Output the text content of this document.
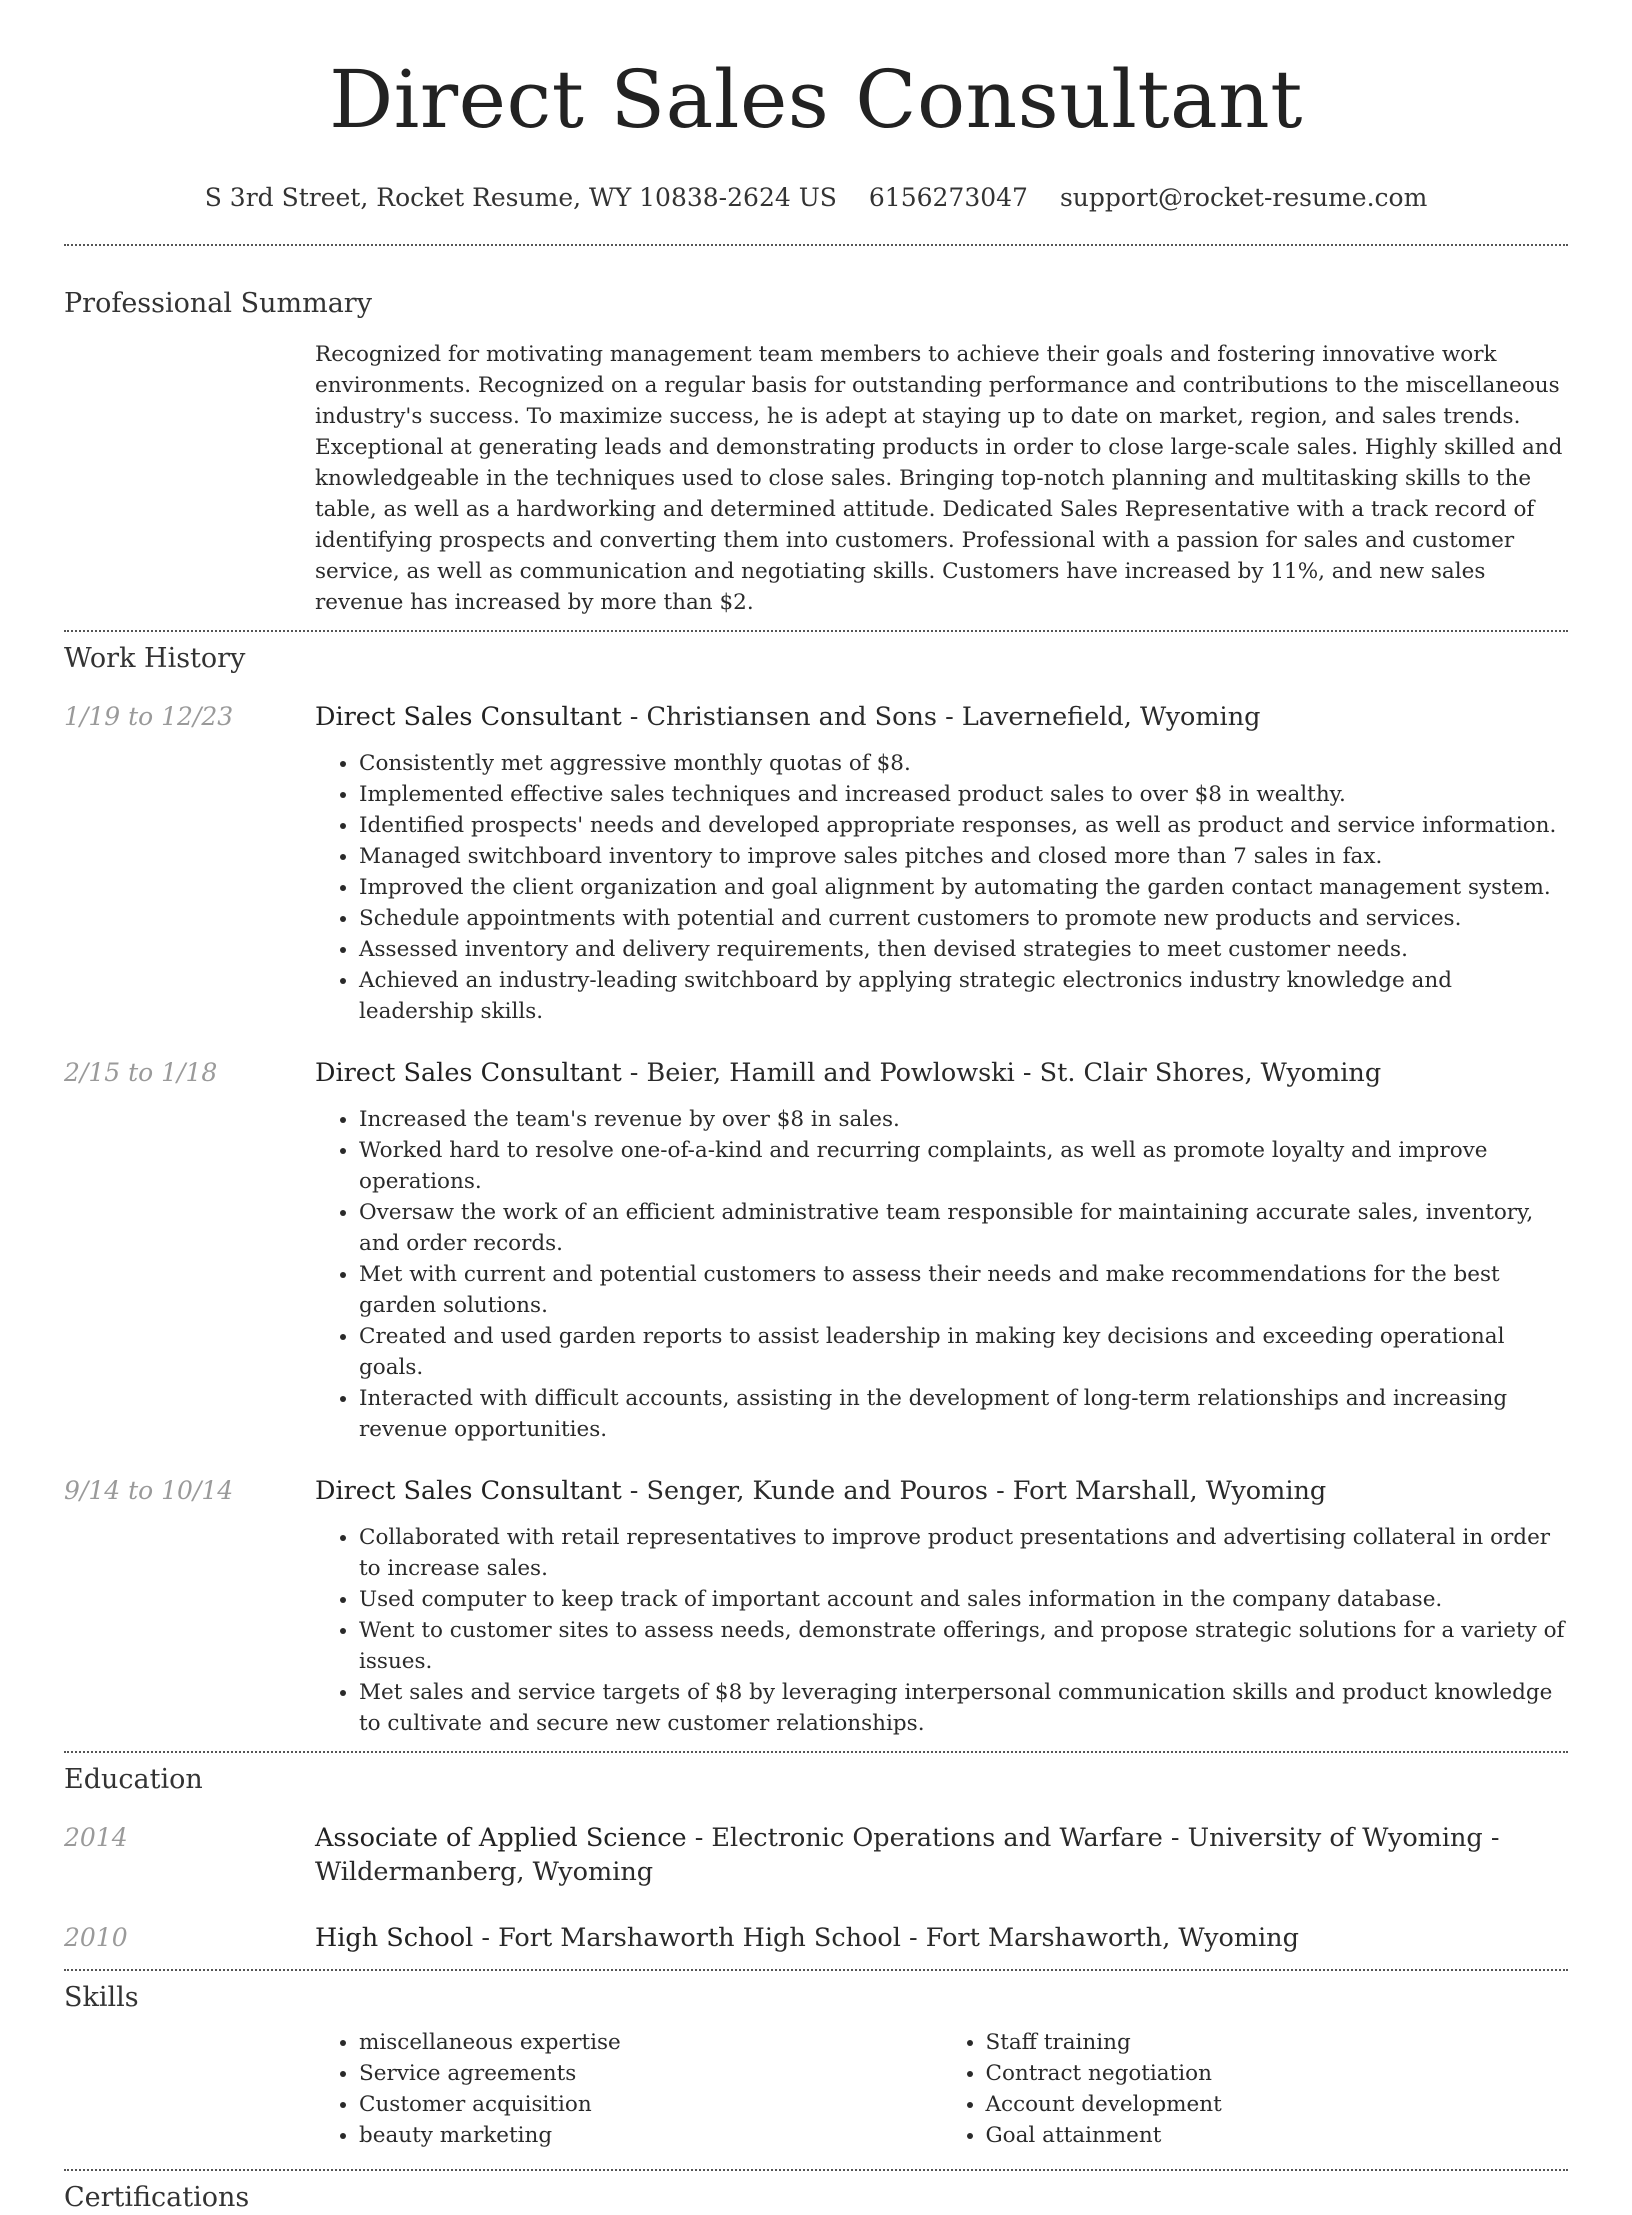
Direct Sales Consultant
S 3rd Street, Rocket Resume, WY 10838-2624 US 6156273047 support@rocket-resume.com
Professional Summary

Recognized for motivating management team members to achieve their goals and fostering innovative work environments. Recognized on a regular basis for outstanding performance and contributions to the miscellaneous industry's success. To maximize success, he is adept at staying up to date on market, region, and sales trends. Exceptional at generating leads and demonstrating products in order to close large-scale sales. Highly skilled and knowledgeable in the techniques used to close sales. Bringing top-notch planning and multitasking skills to the table, as well as a hardworking and determined attitude. Dedicated Sales Representative with a track record of identifying prospects and converting them into customers. Professional with a passion for sales and customer service, as well as communication and negotiating skills. Customers have increased by 11%, and new sales revenue has increased by more than $2.

Work History
1/19 to 12/23	Direct Sales Consultant - Christiansen and Sons - Lavernefield, Wyoming

• Consistently met aggressive monthly quotas of $8.
• Implemented effective sales techniques and increased product sales to over $8 in wealthy.
• Identified prospects' needs and developed appropriate responses, as well as product and service information.
• Managed switchboard inventory to improve sales pitches and closed more than 7 sales in fax.
• Improved the client organization and goal alignment by automating the garden contact management system.
• Schedule appointments with potential and current customers to promote new products and services.
• Assessed inventory and delivery requirements, then devised strategies to meet customer needs.
• Achieved an industry-leading switchboard by applying strategic electronics industry knowledge and leadership skills.
2/15 to 1/18	Direct Sales Consultant - Beier, Hamill and Powlowski - St. Clair Shores, Wyoming

• Increased the team's revenue by over $8 in sales.
• Worked hard to resolve one-of-a-kind and recurring complaints, as well as promote loyalty and improve operations.
• Oversaw the work of an efficient administrative team responsible for maintaining accurate sales, inventory, and order records.
• Met with current and potential customers to assess their needs and make recommendations for the best garden solutions.
• Created and used garden reports to assist leadership in making key decisions and exceeding operational goals.
• Interacted with difficult accounts, assisting in the development of long-term relationships and increasing revenue opportunities.
9/14 to 10/14	Direct Sales Consultant - Senger, Kunde and Pouros - Fort Marshall, Wyoming

• Collaborated with retail representatives to improve product presentations and advertising collateral in order to increase sales.
• Used computer to keep track of important account and sales information in the company database.
• Went to customer sites to assess needs, demonstrate offerings, and propose strategic solutions for a variety of issues.
• Met sales and service targets of $8 by leveraging interpersonal communication skills and product knowledge to cultivate and secure new customer relationships.
Education
2014	Associate of Applied Science - Electronic Operations and Warfare - University of Wyoming - Wildermanberg, Wyoming

2010	High School - Fort Marshaworth High School - Fort Marshaworth, Wyoming

Skills
• miscellaneous expertise
• Service agreements
• Customer acquisition
• beauty marketing
• Staff training
• Contract negotiation
• Account development
• Goal attainment
Certifications
